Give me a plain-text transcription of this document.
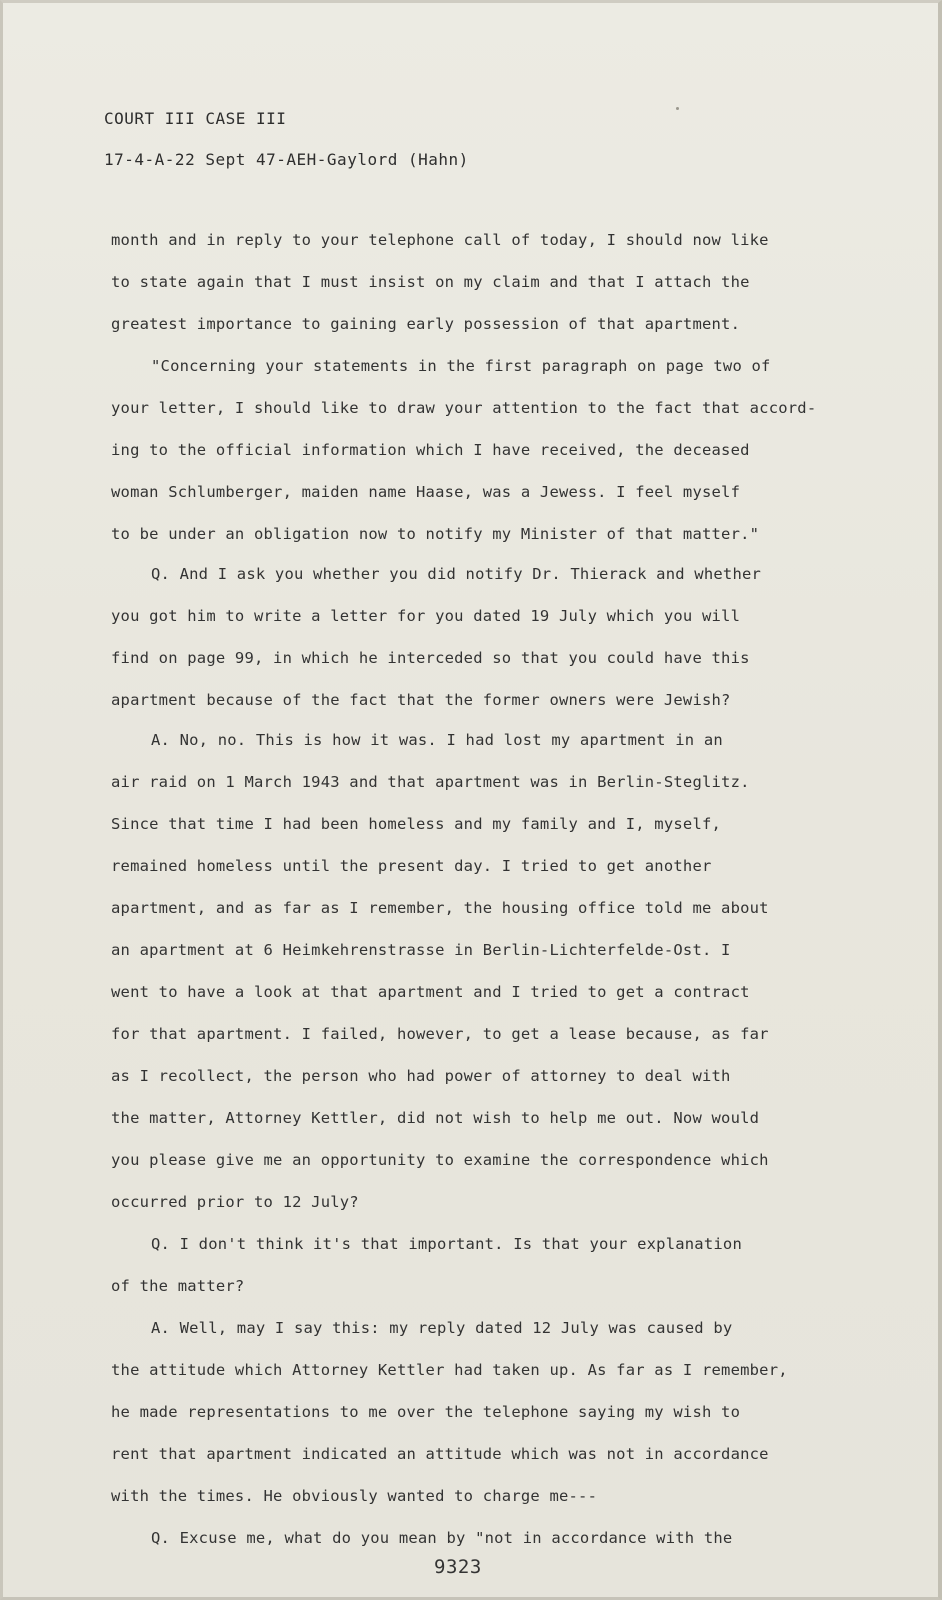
COURT III CASE III
17-4-A-22 Sept 47-AEH-Gaylord (Hahn)
month and in reply to your telephone call of today, I should now like
to state again that I must insist on my claim and that I attach the
greatest importance to gaining early possession of that apartment.
"Concerning your statements in the first paragraph on page two of
your letter, I should like to draw your attention to the fact that accord-
ing to the official information which I have received, the deceased
woman Schlumberger, maiden name Haase, was a Jewess. I feel myself
to be under an obligation now to notify my Minister of that matter."
Q. And I ask you whether you did notify Dr. Thierack and whether
you got him to write a letter for you dated 19 July which you will
find on page 99, in which he interceded so that you could have this
apartment because of the fact that the former owners were Jewish?
A. No, no. This is how it was. I had lost my apartment in an
air raid on 1 March 1943 and that apartment was in Berlin-Steglitz.
Since that time I had been homeless and my family and I, myself,
remained homeless until the present day. I tried to get another
apartment, and as far as I remember, the housing office told me about
an apartment at 6 Heimkehrenstrasse in Berlin-Lichterfelde-Ost. I
went to have a look at that apartment and I tried to get a contract
for that apartment. I failed, however, to get a lease because, as far
as I recollect, the person who had power of attorney to deal with
the matter, Attorney Kettler, did not wish to help me out. Now would
you please give me an opportunity to examine the correspondence which
occurred prior to 12 July?
Q. I don't think it's that important. Is that your explanation
of the matter?
A. Well, may I say this: my reply dated 12 July was caused by
the attitude which Attorney Kettler had taken up. As far as I remember,
he made representations to me over the telephone saying my wish to
rent that apartment indicated an attitude which was not in accordance
with the times. He obviously wanted to charge me---
Q. Excuse me, what do you mean by "not in accordance with the
9323
